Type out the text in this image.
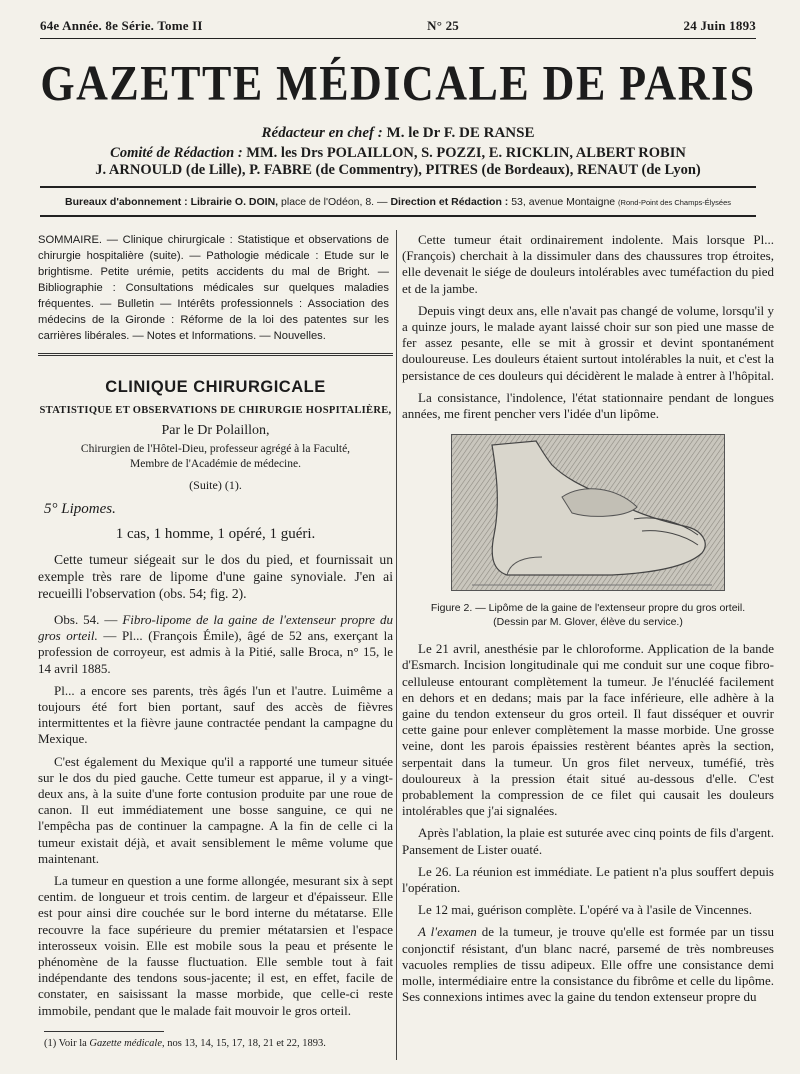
64e Année. 8e Série. Tome II	N° 25	24 Juin 1893
GAZETTE MÉDICALE DE PARIS
Rédacteur en chef : M. le Dr F. DE RANSE
Comité de Rédaction : MM. les Drs POLAILLON, S. POZZI, E. RICKLIN, ALBERT ROBIN
J. ARNOULD (de Lille), P. FABRE (de Commentry), PITRES (de Bordeaux), RENAUT (de Lyon)
Bureaux d'abonnement : Librairie O. DOIN, place de l'Odéon, 8. — Direction et Rédaction : 53, avenue Montaigne (Rond-Point des Champs-Élysées
SOMMAIRE. — Clinique chirurgicale : Statistique et observations de chirurgie hospitalière (suite). — Pathologie médicale : Etude sur le brightisme. Petite urémie, petits accidents du mal de Bright. — Bibliographie : Consultations médicales sur quelques maladies fréquentes. — Bulletin — Intérêts professionnels : Association des médecins de la Gironde : Réforme de la loi des patentes sur les carrières libérales. — Notes et Informations. — Nouvelles.
CLINIQUE CHIRURGICALE
STATISTIQUE ET OBSERVATIONS DE CHIRURGIE HOSPITALIÈRE,
Par le Dr Polaillon,
Chirurgien de l'Hôtel-Dieu, professeur agrégé à la Faculté,
Membre de l'Académie de médecine.
(Suite) (1).
5° Lipomes.
1 cas, 1 homme, 1 opéré, 1 guéri.

Cette tumeur siégeait sur le dos du pied, et fournissait un exemple très rare de lipome d'une gaine synoviale. J'en ai recueilli l'observation (obs. 54; fig. 2).

Obs. 54. — Fibro-lipome de la gaine de l'extenseur propre du gros orteil. — Pl... (François Émile), âgé de 52 ans, exerçant la profession de corroyeur, est admis à la Pitié, salle Broca, n° 15, le 14 avril 1885.

Pl... a encore ses parents, très âgés l'un et l'autre. Luimême a toujours été fort bien portant, sauf des accès de fièvres intermittentes et la fièvre jaune contractée pendant la campagne du Mexique.

C'est également du Mexique qu'il a rapporté une tumeur située sur le dos du pied gauche. Cette tumeur est apparue, il y a vingt-deux ans, à la suite d'une forte contusion produite par une roue de canon. Il eut immédiatement une bosse sanguine, ce qui ne l'empêcha pas de continuer la campagne. A la fin de celle ci la tumeur existait déjà, et avait sensiblement le même volume que maintenant.

La tumeur en question a une forme allongée, mesurant six à sept centim. de longueur et trois centim. de largeur et d'épaisseur. Elle est pour ainsi dire couchée sur le bord interne du métatarse. Elle recouvre la face supérieure du premier métatarsien et l'espace interosseux voisin. Elle est mobile sous la peau et présente le phénomène de la fausse fluctuation. Elle semble tout à fait indépendante des tendons sous-jacente; il est, en effet, facile de constater, en saisissant la masse morbide, que celle-ci reste immobile, pendant que le malade fait mouvoir le gros orteil.

(1) Voir la Gazette médicale, nos 13, 14, 15, 17, 18, 21 et 22, 1893.

Cette tumeur était ordinairement indolente. Mais lorsque Pl... (François) cherchait à la dissimuler dans des chaussures trop étroites, elle devenait le siége de douleurs intolérables avec tuméfaction du pied et de la jambe.

Depuis vingt deux ans, elle n'avait pas changé de volume, lorsqu'il y a quinze jours, le malade ayant laissé choir sur son pied une masse de fer assez pesante, elle se mit à grossir et devint spontanément douloureuse. Les douleurs étaient surtout intolérables la nuit, et c'est la persistance de ces douleurs qui décidèrent le malade à entrer à l'hôpital.

La consistance, l'indolence, l'état stationnaire pendant de longues années, me firent pencher vers l'idée d'un lipôme.

Figure 2. — Lipôme de la gaine de l'extenseur propre du gros orteil.
(Dessin par M. Glover, élève du service.)

Le 21 avril, anesthésie par le chloroforme. Application de la bande d'Esmarch. Incision longitudinale qui me conduit sur une coque fibro-celluleuse entourant complètement la tumeur. Je l'énucléé facilement en dehors et en dedans; mais par la face inférieure, elle adhère à la gaine du tendon extenseur du gros orteil. Il faut disséquer et ouvrir cette gaine pour enlever complètement la masse morbide. Une grosse veine, dont les parois épaissies restèrent béantes après la section, serpentait dans la tumeur. Un gros filet nerveux, tuméfié, très douloureux à la pression était situé au-dessous d'elle. C'est probablement la compression de ce filet qui causait les douleurs intolérables que j'ai signalées.

Après l'ablation, la plaie est suturée avec cinq points de fils d'argent. Pansement de Lister ouaté.

Le 26. La réunion est immédiate. Le patient n'a plus souffert depuis l'opération.

Le 12 mai, guérison complète. L'opéré va à l'asile de Vincennes.

A l'examen de la tumeur, je trouve qu'elle est formée par un tissu conjonctif résistant, d'un blanc nacré, parsemé de très nombreuses vacuoles remplies de tissu adipeux. Elle offre une consistance demi molle, intermédiaire entre la consistance du fibrôme et celle du lipôme. Ses connexions intimes avec la gaine du tendon extenseur propre du
